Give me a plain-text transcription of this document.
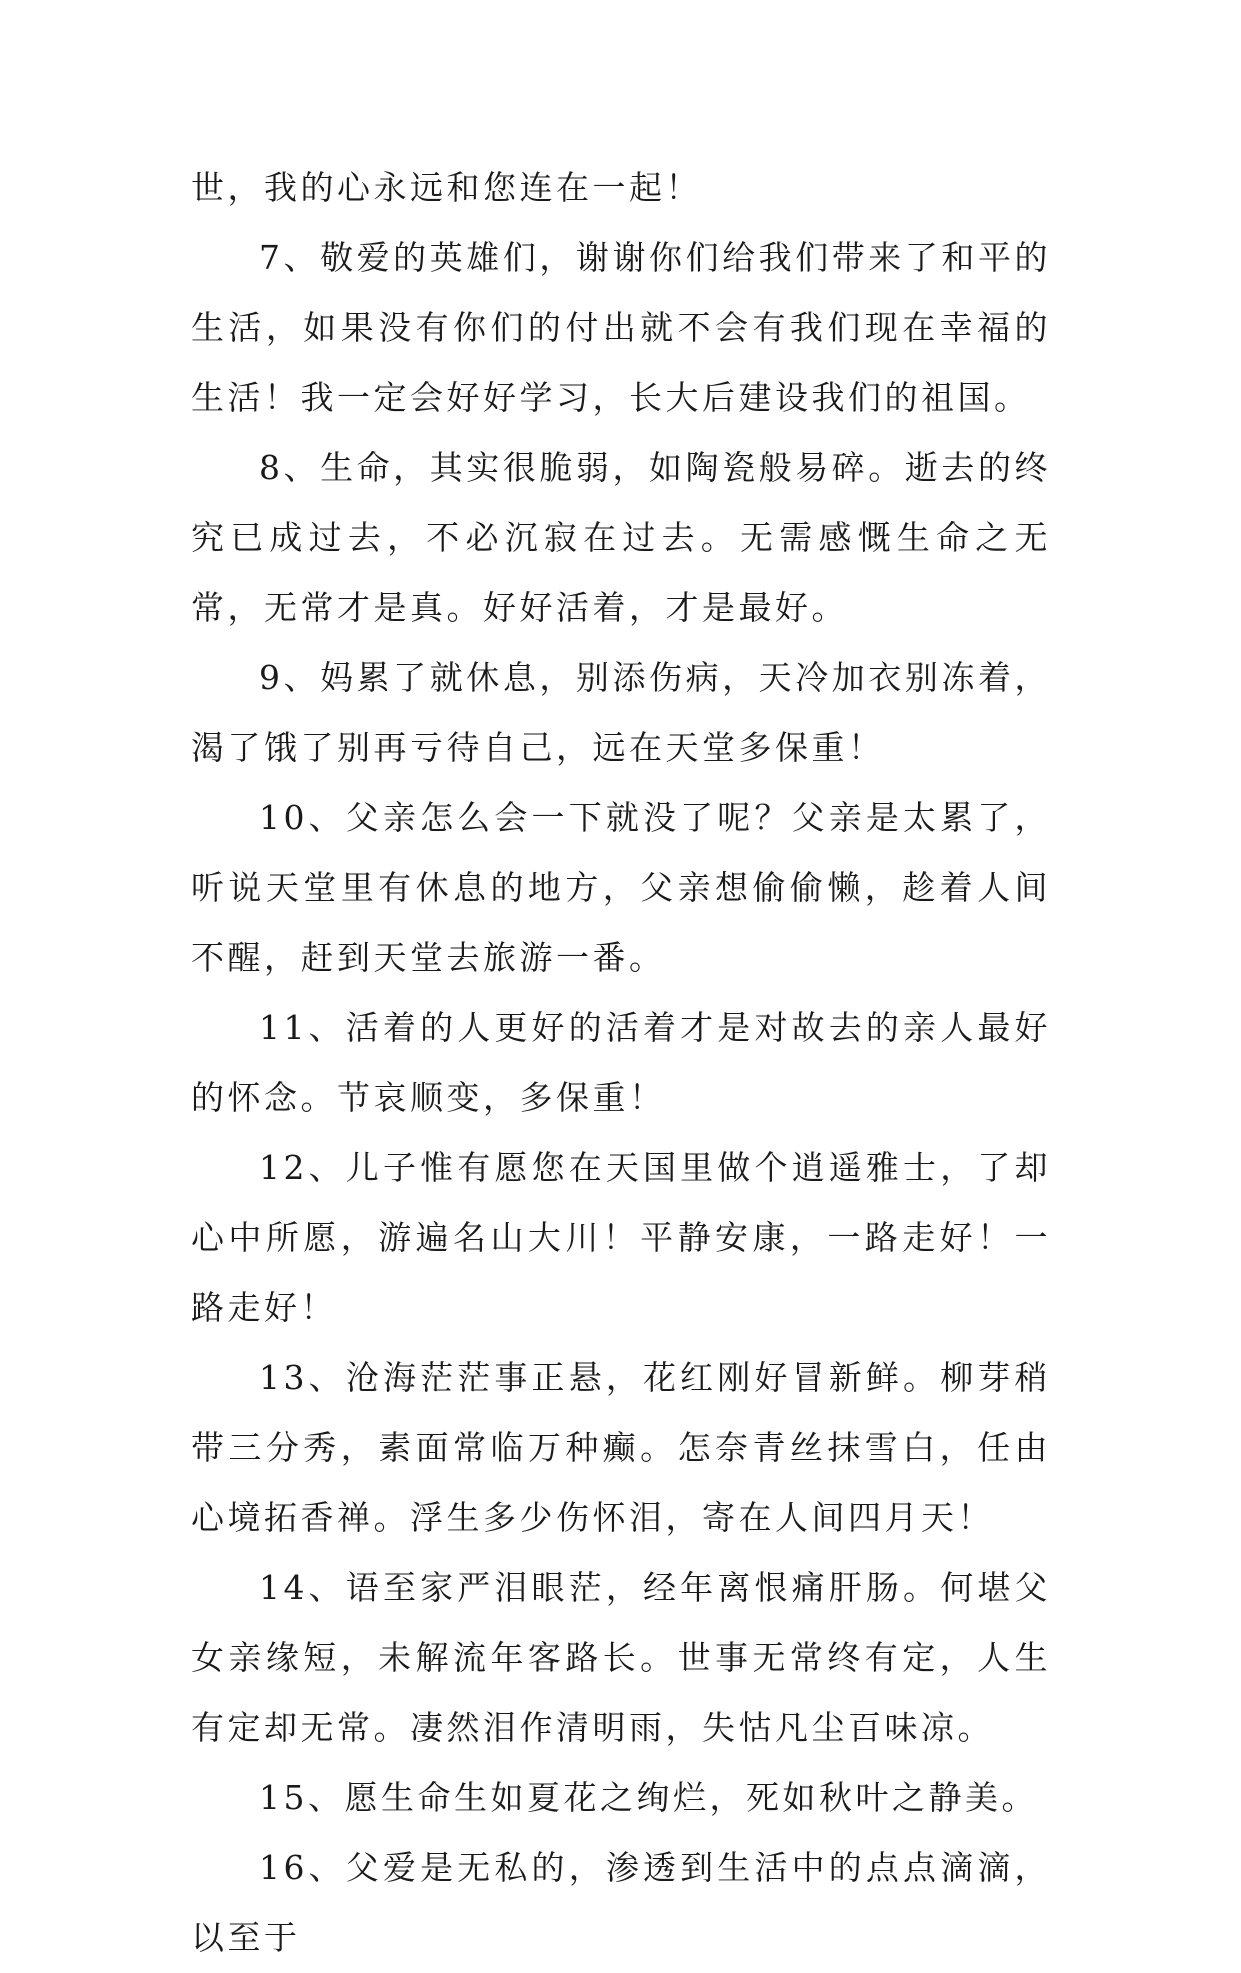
世，我的心永远和您连在一起！

7、敬爱的英雄们，谢谢你们给我们带来了和平的生活，如果没有你们的付出就不会有我们现在幸福的生活！我一定会好好学习，长大后建设我们的祖国。

8、生命，其实很脆弱，如陶瓷般易碎。逝去的终究已成过去，不必沉寂在过去。无需感慨生命之无常，无常才是真。好好活着，才是最好。

9、妈累了就休息，别添伤病，天冷加衣别冻着，渴了饿了别再亏待自己，远在天堂多保重！

10、父亲怎么会一下就没了呢？父亲是太累了，听说天堂里有休息的地方，父亲想偷偷懒，趁着人间不醒，赶到天堂去旅游一番。

11、活着的人更好的活着才是对故去的亲人最好的怀念。节哀顺变，多保重！

12、儿子惟有愿您在天国里做个逍遥雅士，了却心中所愿，游遍名山大川！平静安康，一路走好！一路走好！

13、沧海茫茫事正悬，花红刚好冒新鲜。柳芽稍带三分秀，素面常临万种癫。怎奈青丝抹雪白，任由心境拓香禅。浮生多少伤怀泪，寄在人间四月天！

14、语至家严泪眼茫，经年离恨痛肝肠。何堪父女亲缘短，未解流年客路长。世事无常终有定，人生有定却无常。凄然泪作清明雨，失怙凡尘百味凉。

15、愿生命生如夏花之绚烂，死如秋叶之静美。

16、父爱是无私的，渗透到生活中的点点滴滴，以至于
